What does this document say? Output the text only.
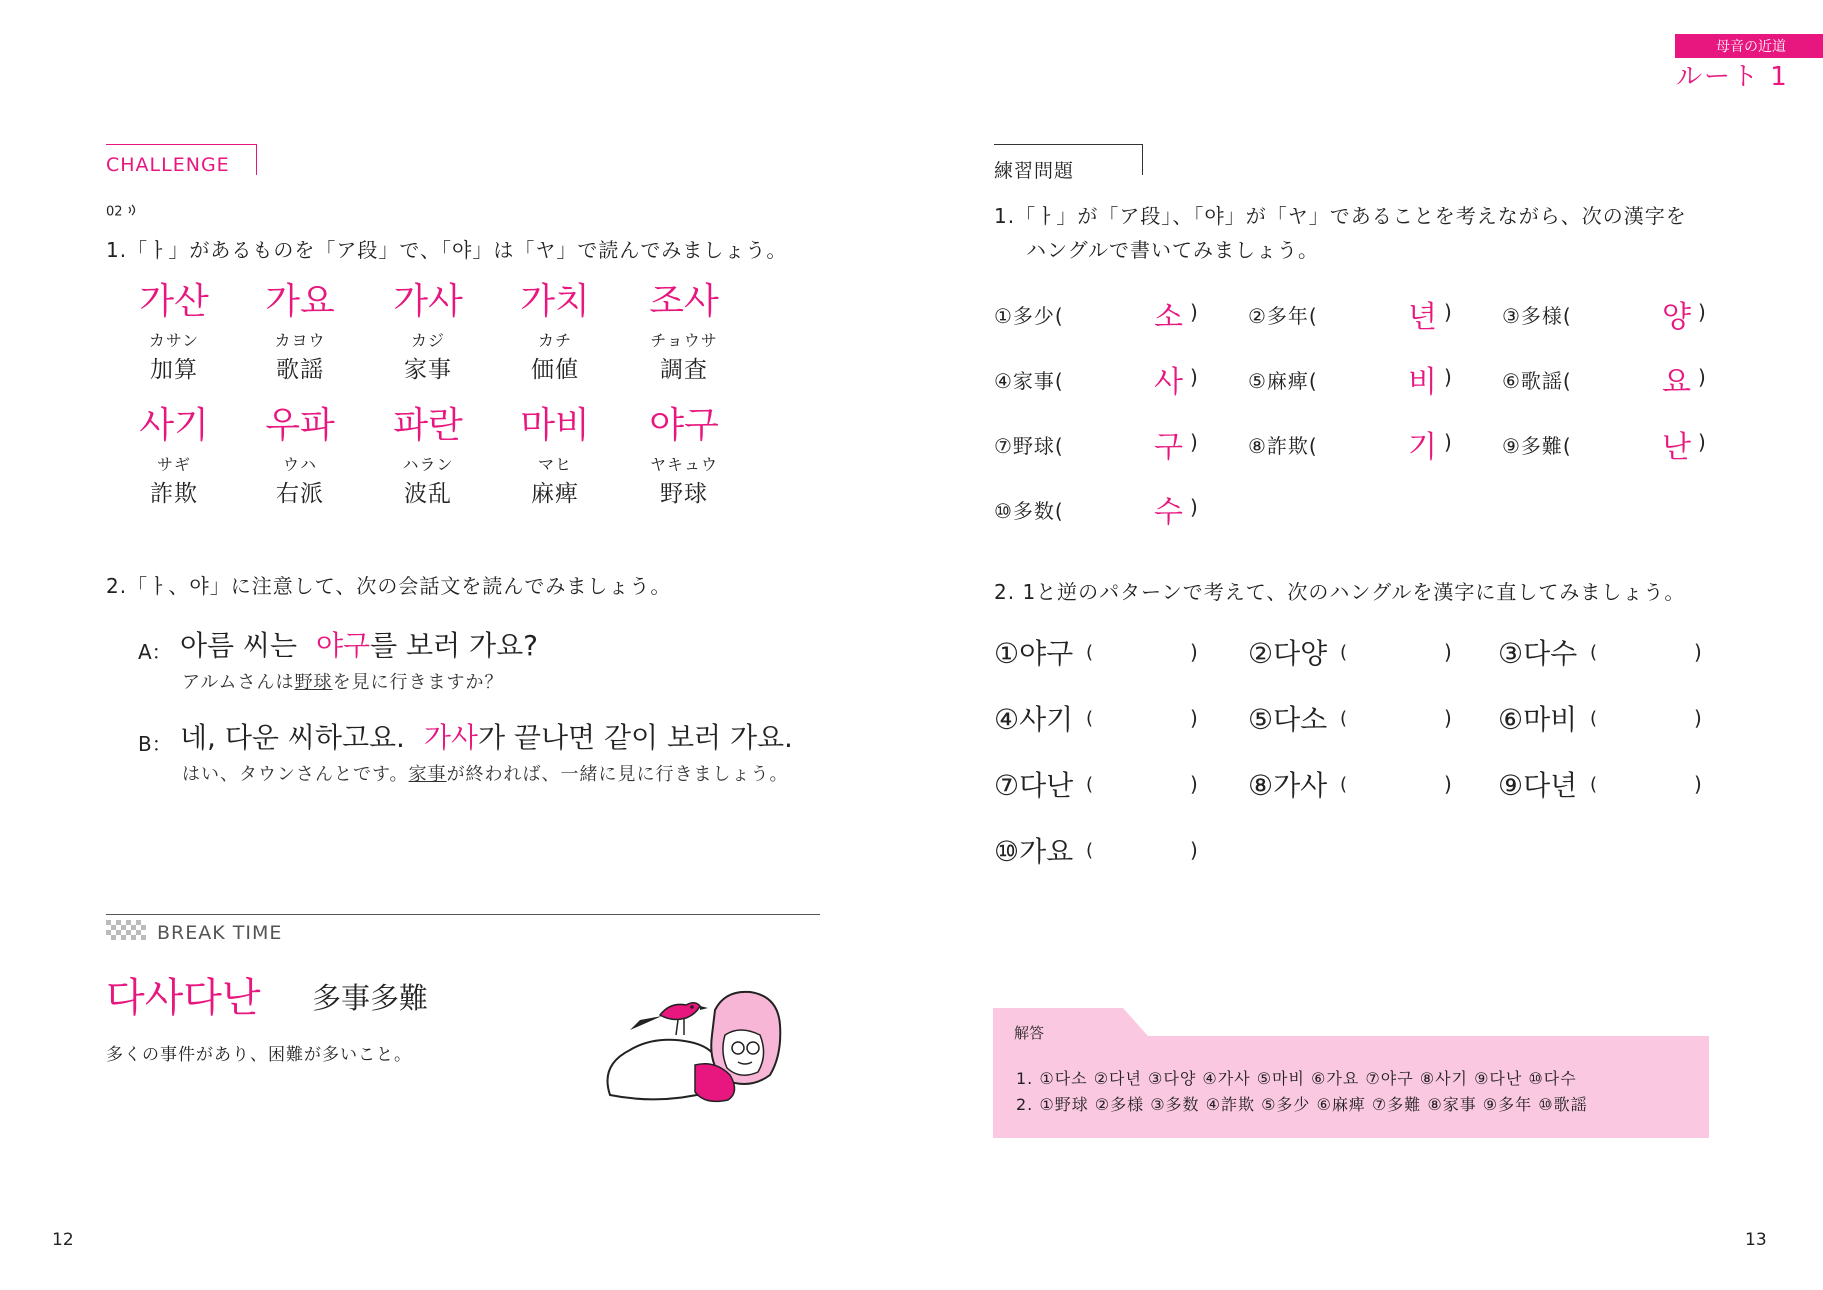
母音の近道
ルート 1
CHALLENGE
02
1.「ㅏ」があるものを「ア段」で、「야」は「ヤ」で読んでみましょう。
가산
カサン
加算
가요
カヨウ
歌謡
가사
カジ
家事
가치
カチ
価値
조사
チョウサ
調査
사기
サギ
詐欺
우파
ウハ
右派
파란
ハラン
波乱
마비
マヒ
麻痺
야구
ヤキュウ
野球
2.「ㅏ、야」に注意して、次の会話文を読んでみましょう。
A： 아름 씨는 야구를 보러 가요?
アルムさんは野球を見に行きますか？
B： 네, 다운 씨하고요. 가사가 끝나면 같이 보러 가요.
はい、タウンさんとです。家事が終われば、一緒に見に行きましょう。
BREAK TIME
다사다난 多事多難
多くの事件があり、困難が多いこと。
12
練習問題
1.「ㅏ」が「ア段」、「야」が「ヤ」であることを考えながら、次の漢字を
ハングルで書いてみましょう。
①多少(	소 )	②多年(	년 )	③多様(	양 )
④家事(	사 )	⑤麻痺(	비 )	⑥歌謡(	요 )
⑦野球(	구 )	⑧詐欺(	기 )	⑨多難(	난 )
⑩多数(	수 )
2. 1と逆のパターンで考えて、次のハングルを漢字に直してみましょう。
①야구 (	) ②다양 (	) ③다수 (	)
④사기 (	) ⑤다소 (	) ⑥마비 (	)
⑦다난 (	) ⑧가사 (	) ⑨다년 (	)
⑩가요 (	)
解答
1. ①다소 ②다년 ③다양 ④가사 ⑤마비 ⑥가요 ⑦야구 ⑧사기 ⑨다난 ⑩다수
2. ①野球 ②多様 ③多数 ④詐欺 ⑤多少 ⑥麻痺 ⑦多難 ⑧家事 ⑨多年 ⑩歌謡
13
